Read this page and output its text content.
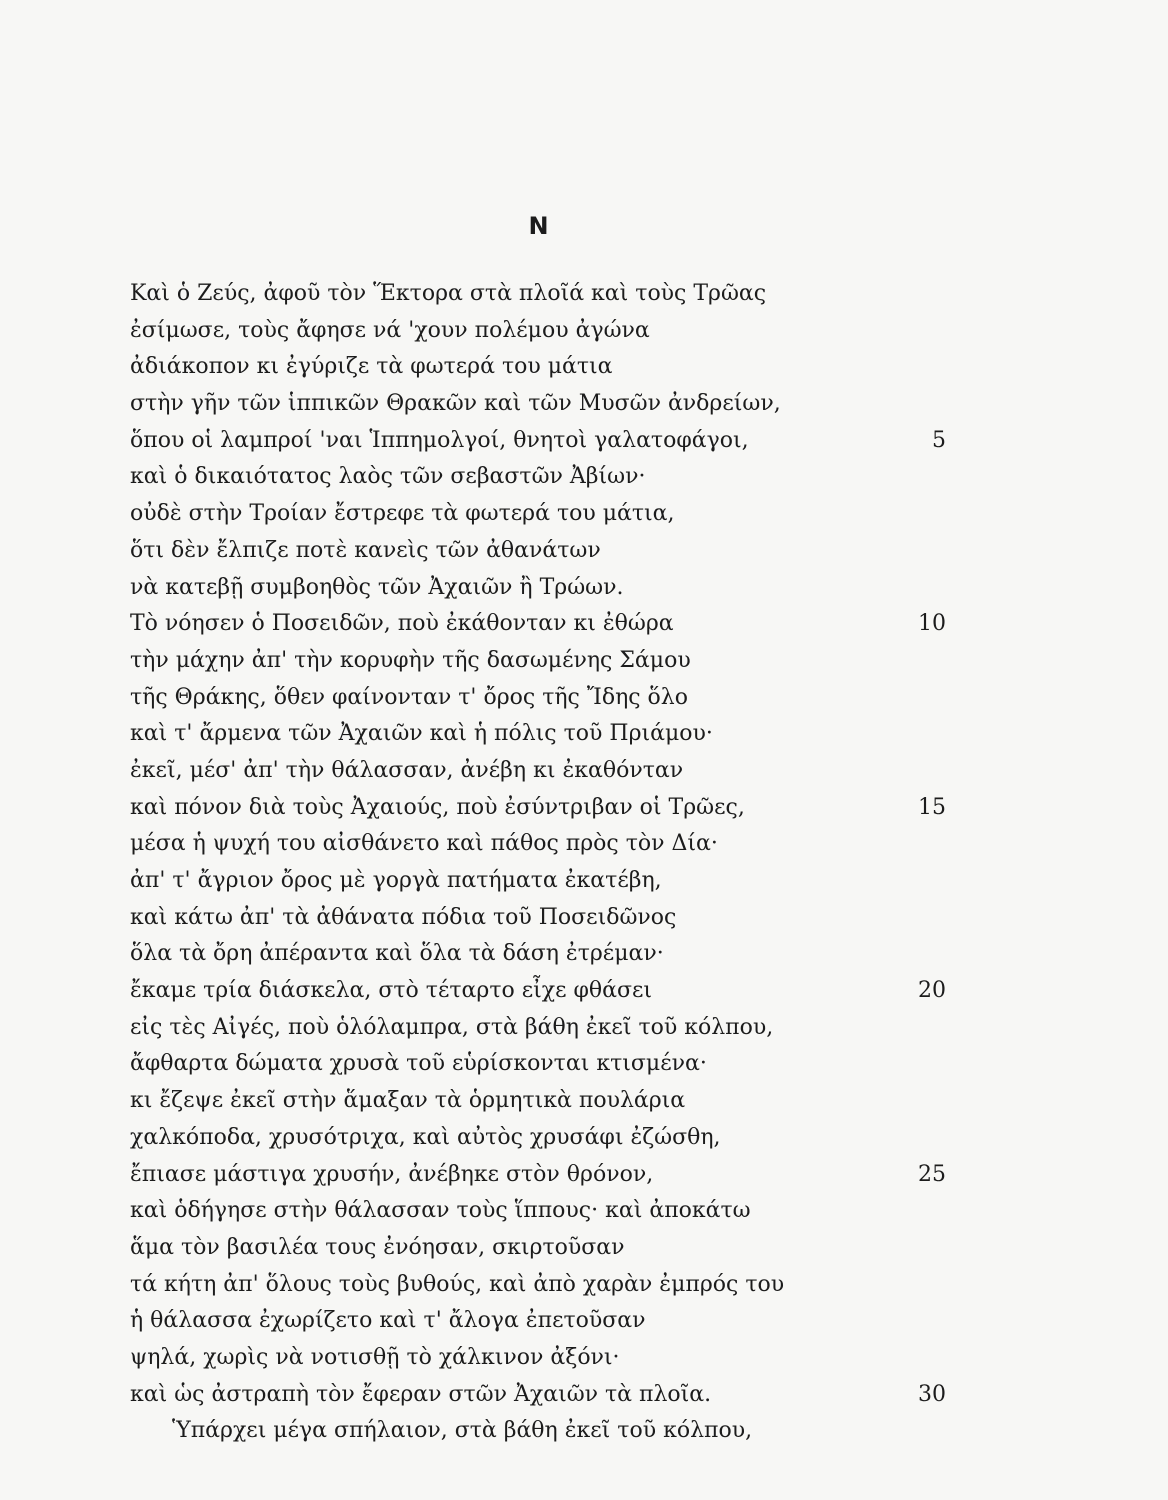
N
Καὶ ὁ Ζεύς, ἀφοῦ τὸν Ἕκτορα στὰ πλοῖά καὶ τοὺς Τρῶας
ἐσίμωσε, τοὺς ἄφησε νά 'χουν πολέμου ἀγώνα
ἀδιάκοπον κι ἐγύριζε τὰ φωτερά του μάτια
στὴν γῆν τῶν ἱππικῶν Θρακῶν καὶ τῶν Μυσῶν ἀνδρείων,
ὅπου οἱ λαμπροί 'ναι Ἱππημολγοί, θνητοὶ γαλατοφάγοι,	5
καὶ ὁ δικαιότατος λαὸς τῶν σεβαστῶν Ἀβίων·
οὐδὲ στὴν Τροίαν ἔστρεφε τὰ φωτερά του μάτια,
ὅτι δὲν ἔλπιζε ποτὲ κανεὶς τῶν ἀθανάτων
νὰ κατεβῇ συμβοηθὸς τῶν Ἀχαιῶν ἢ Τρώων.
Τὸ νόησεν ὁ Ποσειδῶν, ποὺ ἐκάθονταν κι ἐθώρα	10
τὴν μάχην ἀπ' τὴν κορυφὴν τῆς δασωμένης Σάμου
τῆς Θράκης, ὅθεν φαίνονταν τ' ὄρος τῆς Ἴδης ὅλο
καὶ τ' ἄρμενα τῶν Ἀχαιῶν καὶ ἡ πόλις τοῦ Πριάμου·
ἐκεῖ, μέσ' ἀπ' τὴν θάλασσαν, ἀνέβη κι ἐκαθόνταν
καὶ πόνον διὰ τοὺς Ἀχαιούς, ποὺ ἐσύντριβαν οἱ Τρῶες,	15
μέσα ἡ ψυχή του αἰσθάνετο καὶ πάθος πρὸς τὸν Δία·
ἀπ' τ' ἄγριον ὄρος μὲ γοργὰ πατήματα ἐκατέβη,
καὶ κάτω ἀπ' τὰ ἀθάνατα πόδια τοῦ Ποσειδῶνος
ὅλα τὰ ὄρη ἀπέραντα καὶ ὅλα τὰ δάση ἐτρέμαν·
ἔκαμε τρία διάσκελα, στὸ τέταρτο εἶχε φθάσει	20
εἰς τὲς Αἰγές, ποὺ ὁλόλαμπρα, στὰ βάθη ἐκεῖ τοῦ κόλπου,
ἄφθαρτα δώματα χρυσὰ τοῦ εὑρίσκονται κτισμένα·
κι ἔζεψε ἐκεῖ στὴν ἅμαξαν τὰ ὁρμητικὰ πουλάρια
χαλκόποδα, χρυσότριχα, καὶ αὐτὸς χρυσάφι ἐζώσθη,
ἔπιασε μάστιγα χρυσήν, ἀνέβηκε στὸν θρόνον,	25
καὶ ὁδήγησε στὴν θάλασσαν τοὺς ἵππους· καὶ ἀποκάτω
ἅμα τὸν βασιλέα τους ἐνόησαν, σκιρτοῦσαν
τά κήτη ἀπ' ὅλους τοὺς βυθούς, καὶ ἀπὸ χαρὰν ἐμπρός του
ἡ θάλασσα ἐχωρίζετο καὶ τ' ἄλογα ἐπετοῦσαν
ψηλά, χωρὶς νὰ νοτισθῇ τὸ χάλκινον ἀξόνι·
καὶ ὡς ἀστραπὴ τὸν ἔφεραν στῶν Ἀχαιῶν τὰ πλοῖα.	30
Ὑπάρχει μέγα σπήλαιον, στὰ βάθη ἐκεῖ τοῦ κόλπου,
